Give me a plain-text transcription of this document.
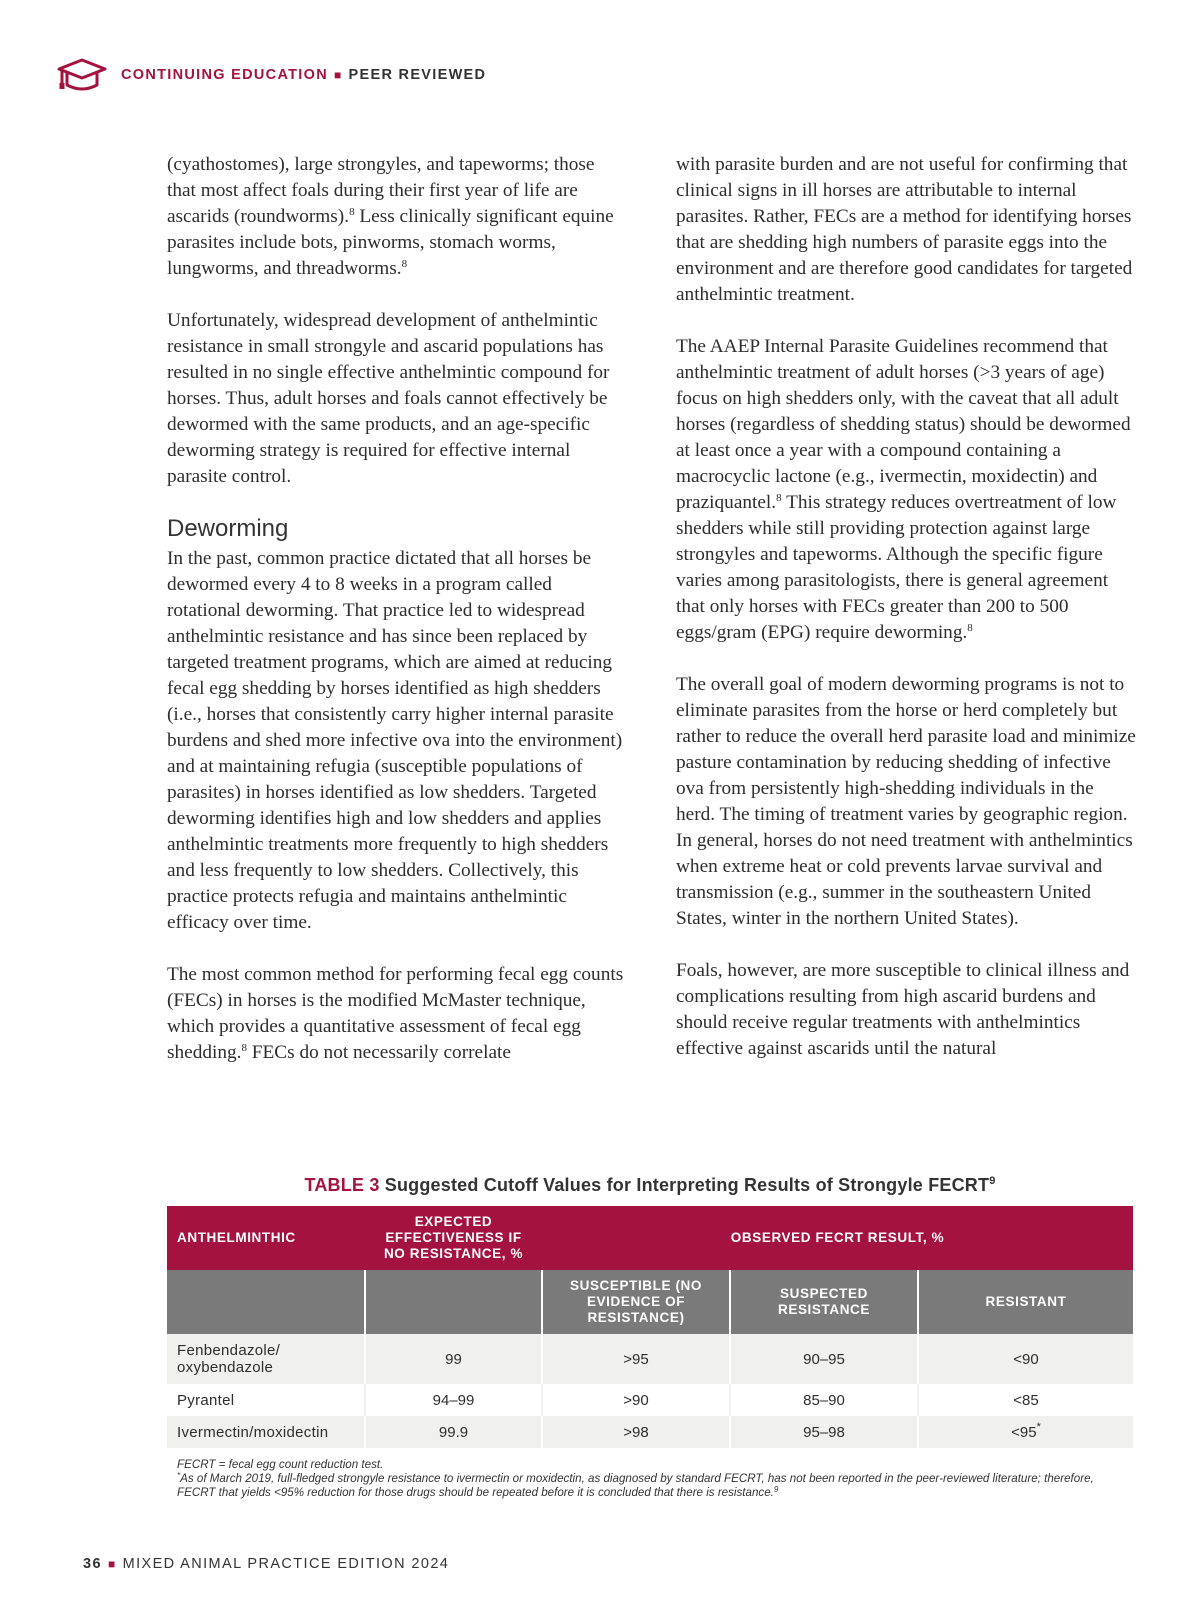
CONTINUING EDUCATION ■ PEER REVIEWED

(cyathostomes), large strongyles, and tapeworms; those that most affect foals during their first year of life are ascarids (roundworms).$^8$ Less clinically significant equine parasites include bots, pinworms, stomach worms, lungworms, and threadworms.$^8$

Unfortunately, widespread development of anthelmintic resistance in small strongyle and ascarid populations has resulted in no single effective anthelmintic compound for horses. Thus, adult horses and foals cannot effectively be dewormed with the same products, and an age-specific deworming strategy is required for effective internal parasite control.

Deworming

In the past, common practice dictated that all horses be dewormed every 4 to 8 weeks in a program called rotational deworming. That practice led to widespread anthelmintic resistance and has since been replaced by targeted treatment programs, which are aimed at reducing fecal egg shedding by horses identified as high shedders (i.e., horses that consistently carry higher internal parasite burdens and shed more infective ova into the environment) and at maintaining refugia (susceptible populations of parasites) in horses identified as low shedders. Targeted deworming identifies high and low shedders and applies anthelmintic treatments more frequently to high shedders and less frequently to low shedders. Collectively, this practice protects refugia and maintains anthelmintic efficacy over time.

The most common method for performing fecal egg counts (FECs) in horses is the modified McMaster technique, which provides a quantitative assessment of fecal egg shedding.$^8$ FECs do not necessarily correlate

with parasite burden and are not useful for confirming that clinical signs in ill horses are attributable to internal parasites. Rather, FECs are a method for identifying horses that are shedding high numbers of parasite eggs into the environment and are therefore good candidates for targeted anthelmintic treatment.

The AAEP Internal Parasite Guidelines recommend that anthelmintic treatment of adult horses (>3 years of age) focus on high shedders only, with the caveat that all adult horses (regardless of shedding status) should be dewormed at least once a year with a compound containing a macrocyclic lactone (e.g., ivermectin, moxidectin) and praziquantel.$^8$ This strategy reduces overtreatment of low shedders while still providing protection against large strongyles and tapeworms. Although the specific figure varies among parasitologists, there is general agreement that only horses with FECs greater than 200 to 500 eggs/gram (EPG) require deworming.$^8$

The overall goal of modern deworming programs is not to eliminate parasites from the horse or herd completely but rather to reduce the overall herd parasite load and minimize pasture contamination by reducing shedding of infective ova from persistently high-shedding individuals in the herd. The timing of treatment varies by geographic region. In general, horses do not need treatment with anthelmintics when extreme heat or cold prevents larvae survival and transmission (e.g., summer in the southeastern United States, winter in the northern United States).

Foals, however, are more susceptible to clinical illness and complications resulting from high ascarid burdens and should receive regular treatments with anthelmintics effective against ascarids until the natural

TABLE 3 Suggested Cutoff Values for Interpreting Results of Strongyle FECRT$^9$
ANTHELMINTHIC	EXPECTED EFFECTIVENESS IF NO RESISTANCE, %	OBSERVED FECRT RESULT, %		
		SUSCEPTIBLE (NO EVIDENCE OF RESISTANCE)	SUSPECTED RESISTANCE	RESISTANT
Fenbendazole/ oxybendazole	99	>95	90–95	<90
Pyrantel	94–99	>90	85–90	<85
Ivermectin/moxidectin	99.9	>98	95–98	<95*
FECRT = fecal egg count reduction test.
*As of March 2019, full-fledged strongyle resistance to ivermectin or moxidectin, as diagnosed by standard FECRT, has not been reported in the peer-reviewed literature; therefore, FECRT that yields <95% reduction for those drugs should be repeated before it is concluded that there is resistance.$^9$
36 ■ MIXED ANIMAL PRACTICE EDITION 2024
